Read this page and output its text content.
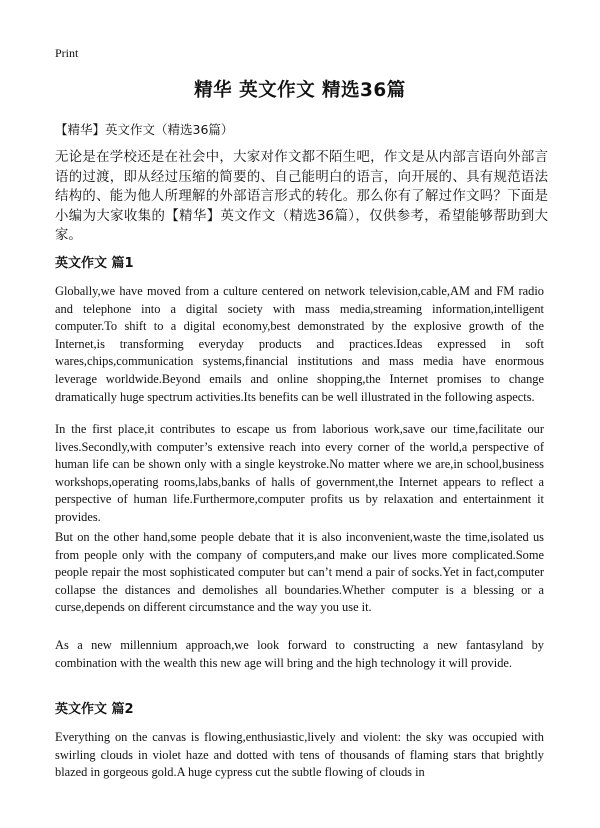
Print
精华 英文作文 精选36篇
【精华】英文作文（精选36篇）
无论是在学校还是在社会中，大家对作文都不陌生吧，作文是从内部言语向外部言语的过渡，即从经过压缩的简要的、自己能明白的语言，向开展的、具有规范语法结构的、能为他人所理解的外部语言形式的转化。那么你有了解过作文吗？下面是小编为大家收集的【精华】英文作文（精选36篇），仅供参考，希望能够帮助到大家。
英文作文 篇1

Globally,we have moved from a culture centered on network television,cable,AM and FM radio and telephone into a digital society with mass media,streaming information,intelligent computer.To shift to a digital economy,best demonstrated by the explosive growth of the Internet,is transforming everyday products and practices.Ideas expressed in soft wares,chips,communication systems,financial institutions and mass media have enormous leverage worldwide.Beyond emails and online shopping,the Internet promises to change dramatically huge spectrum activities.Its benefits can be well illustrated in the following aspects.

In the first place,it contributes to escape us from laborious work,save our time,facilitate our lives.Secondly,with computer’s extensive reach into every corner of the world,a perspective of human life can be shown only with a single keystroke.No matter where we are,in school,business workshops,operating rooms,labs,banks of halls of government,the Internet appears to reflect a perspective of human life.Furthermore,computer profits us by relaxation and entertainment it provides.

But on the other hand,some people debate that it is also inconvenient,waste the time,isolated us from people only with the company of computers,and make our lives more complicated.Some people repair the most sophisticated computer but can’t mend a pair of socks.Yet in fact,computer collapse the distances and demolishes all boundaries.Whether computer is a blessing or a curse,depends on different circumstance and the way you use it.

As a new millennium approach,we look forward to constructing a new fantasyland by combination with the wealth this new age will bring and the high technology it will provide.

英文作文 篇2

Everything on the canvas is flowing,enthusiastic,lively and violent: the sky was occupied with swirling clouds in violet haze and dotted with tens of thousands of flaming stars that brightly blazed in gorgeous gold.A huge cypress cut the subtle flowing of clouds in
